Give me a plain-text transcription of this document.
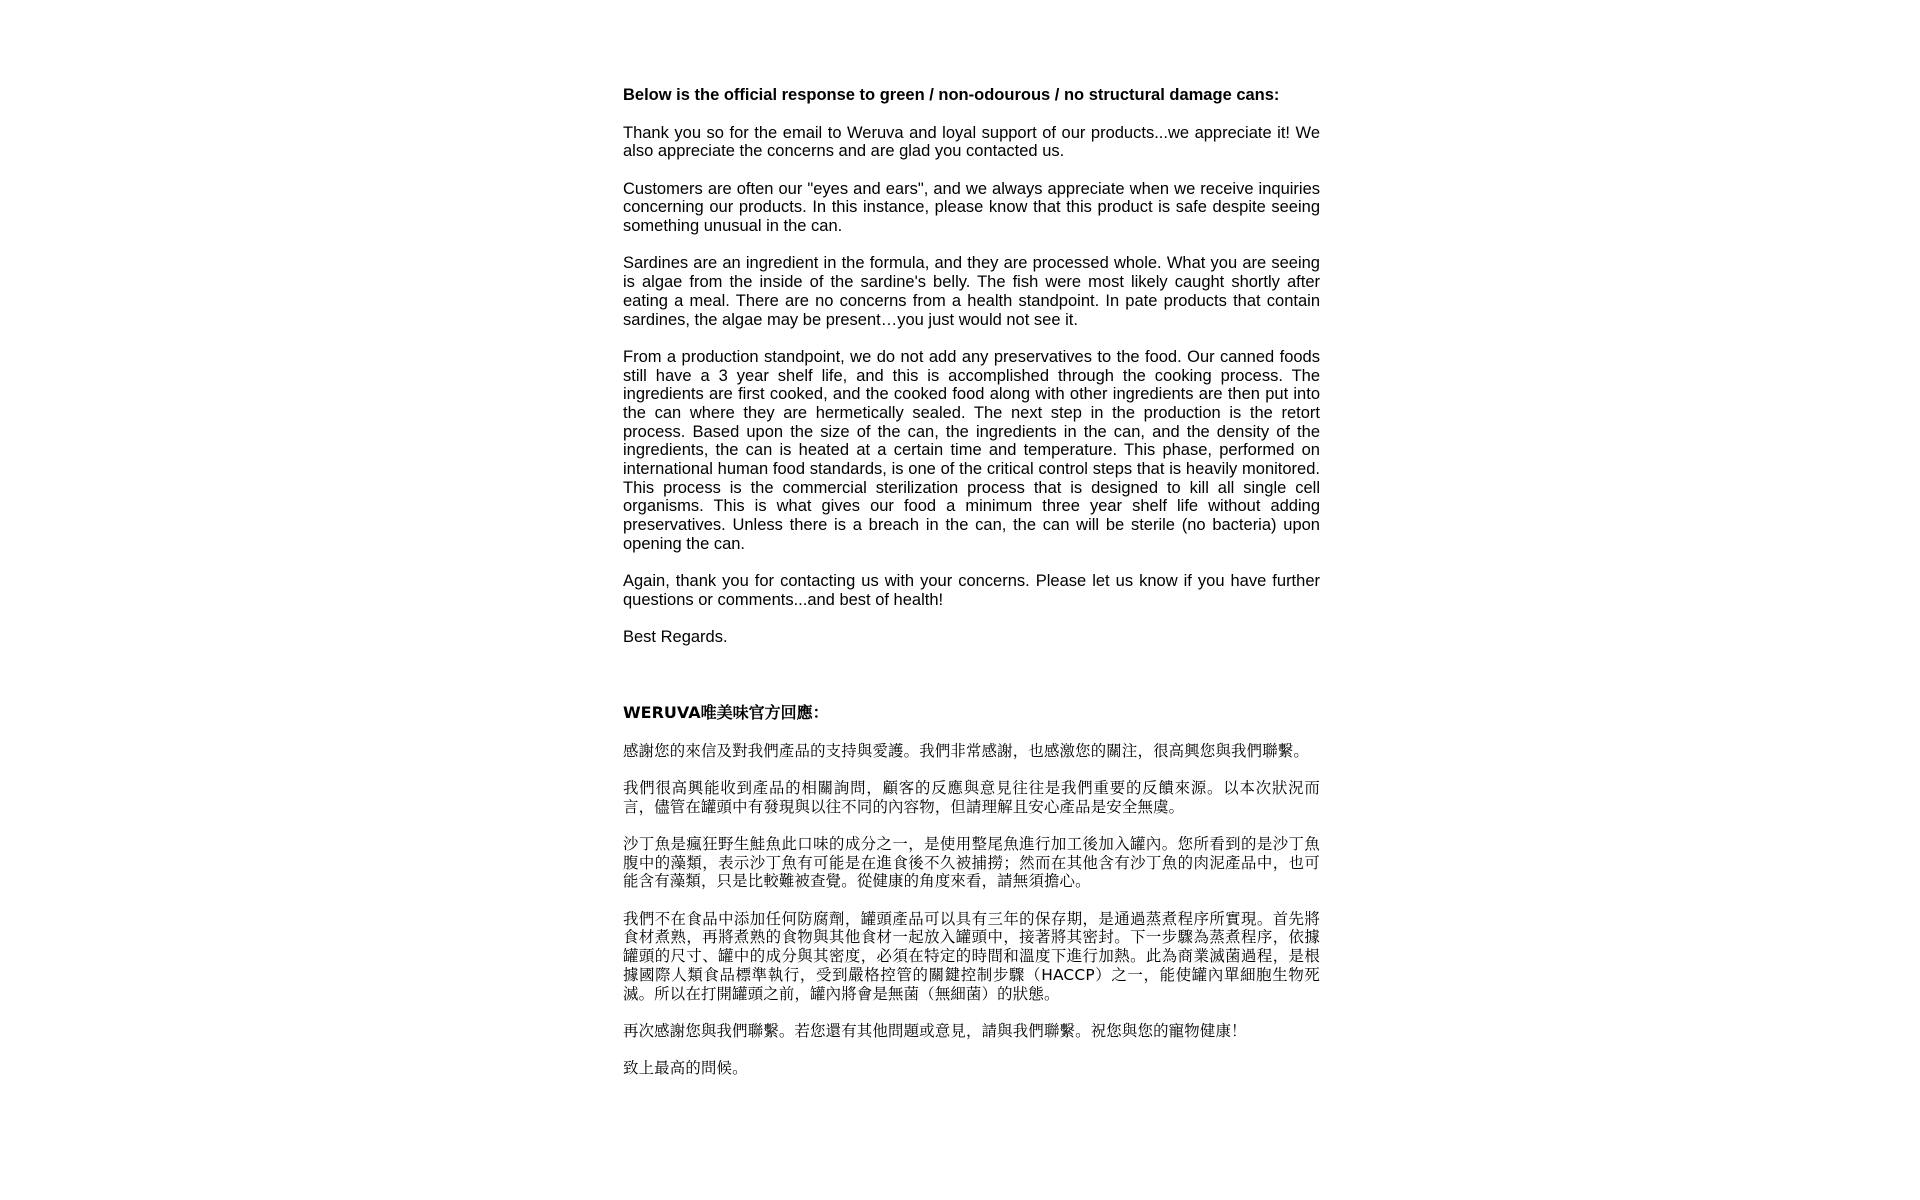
Below is the official response to green / non-odourous / no structural damage cans:

Thank you so for the email to Weruva and loyal support of our products...we appreciate it! We also appreciate the concerns and are glad you contacted us.

Customers are often our "eyes and ears", and we always appreciate when we receive inquiries concerning our products. In this instance, please know that this product is safe despite seeing something unusual in the can.

Sardines are an ingredient in the formula, and they are processed whole. What you are seeing is algae from the inside of the sardine's belly. The fish were most likely caught shortly after eating a meal. There are no concerns from a health standpoint. In pate products that contain sardines, the algae may be present…you just would not see it.

From a production standpoint, we do not add any preservatives to the food. Our canned foods still have a 3 year shelf life, and this is accomplished through the cooking process. The ingredients are first cooked, and the cooked food along with other ingredients are then put into the can where they are hermetically sealed. The next step in the production is the retort process. Based upon the size of the can, the ingredients in the can, and the density of the ingredients, the can is heated at a certain time and temperature. This phase, performed on international human food standards, is one of the critical control steps that is heavily monitored. This process is the commercial sterilization process that is designed to kill all single cell organisms. This is what gives our food a minimum three year shelf life without adding preservatives. Unless there is a breach in the can, the can will be sterile (no bacteria) upon opening the can.

Again, thank you for contacting us with your concerns. Please let us know if you have further questions or comments...and best of health!

Best Regards.

WERUVA唯美味官方回應：

感謝您的來信及對我們產品的支持與愛護。我們非常感謝，也感激您的關注，很高興您與我們聯繫。

我們很高興能收到產品的相關詢問，顧客的反應與意見往往是我們重要的反饋來源。以本次狀況而言，儘管在罐頭中有發現與以往不同的內容物，但請理解且安心產品是安全無虞。

沙丁魚是瘋狂野生鮭魚此口味的成分之一，是使用整尾魚進行加工後加入罐內。您所看到的是沙丁魚腹中的藻類，表示沙丁魚有可能是在進食後不久被捕撈；然而在其他含有沙丁魚的肉泥產品中，也可能含有藻類，只是比較難被查覺。從健康的角度來看，請無須擔心。

我們不在食品中添加任何防腐劑，罐頭產品可以具有三年的保存期，是通過蒸煮程序所實現。首先將食材煮熟，再將煮熟的食物與其他食材一起放入罐頭中，接著將其密封。下一步驟為蒸煮程序，依據罐頭的尺寸、罐中的成分與其密度，必須在特定的時間和溫度下進行加熱。此為商業滅菌過程，是根據國際人類食品標準執行，受到嚴格控管的關鍵控制步驟（HACCP）之一，能使罐內單細胞生物死滅。所以在打開罐頭之前，罐內將會是無菌（無細菌）的狀態。

再次感謝您與我們聯繫。若您還有其他問題或意見，請與我們聯繫。祝您與您的寵物健康！

致上最高的問候。
